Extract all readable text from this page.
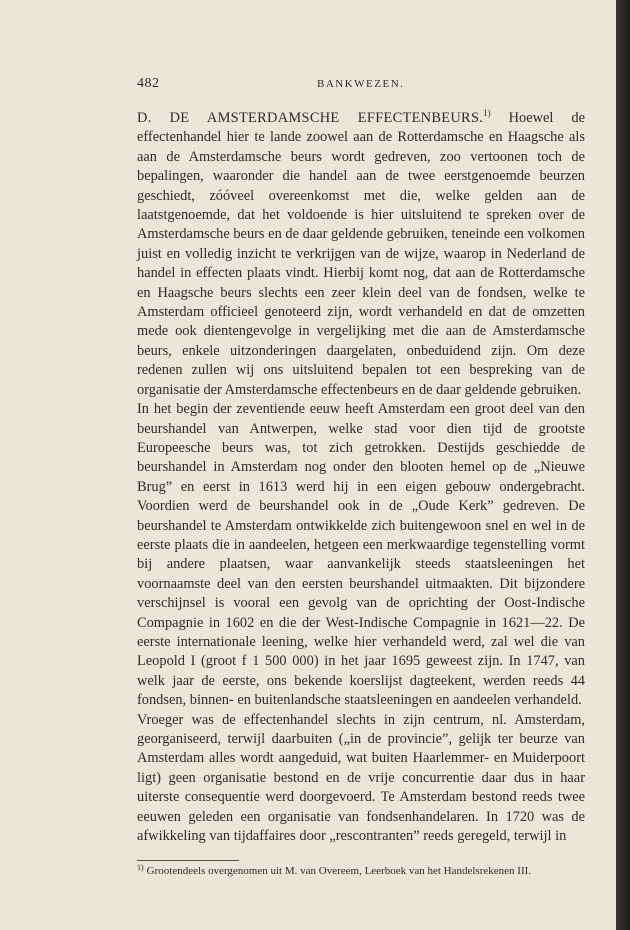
482	BANKWEZEN.

D. DE AMSTERDAMSCHE EFFECTENBEURS.$^{1)}$ Hoewel de effectenhandel hier te lande zoowel aan de Rotterdamsche en Haagsche als aan de Amsterdamsche beurs wordt gedreven, zoo vertoonen toch de bepalingen, waaronder die handel aan de twee eerstgenoemde beurzen geschiedt, zóóveel overeenkomst met die, welke gelden aan de laatstgenoemde, dat het voldoende is hier uitsluitend te spreken over de Amsterdamsche beurs en de daar geldende gebruiken, teneinde een volkomen juist en volledig inzicht te verkrijgen van de wijze, waarop in Nederland de handel in effecten plaats vindt. Hierbij komt nog, dat aan de Rotterdamsche en Haagsche beurs slechts een zeer klein deel van de fondsen, welke te Amsterdam officieel genoteerd zijn, wordt verhandeld en dat de omzetten mede ook dientengevolge in vergelijking met die aan de Amsterdamsche beurs, enkele uitzonderingen daargelaten, onbeduidend zijn. Om deze redenen zullen wij ons uitsluitend bepalen tot een bespreking van de organisatie der Amsterdamsche effectenbeurs en de daar geldende gebruiken.

In het begin der zeventiende eeuw heeft Amsterdam een groot deel van den beurshandel van Antwerpen, welke stad voor dien tijd de grootste Europeesche beurs was, tot zich getrokken. Destijds geschiedde de beurshandel in Amsterdam nog onder den blooten hemel op de „Nieuwe Brug” en eerst in 1613 werd hij in een eigen gebouw ondergebracht. Voordien werd de beurshandel ook in de „Oude Kerk” gedreven. De beurshandel te Amsterdam ontwikkelde zich buitengewoon snel en wel in de eerste plaats die in aandeelen, hetgeen een merkwaardige tegenstelling vormt bij andere plaatsen, waar aanvankelijk steeds staatsleeningen het voornaamste deel van den eersten beurshandel uitmaakten. Dit bijzondere verschijnsel is vooral een gevolg van de oprichting der Oost-Indische Compagnie in 1602 en die der West-Indische Compagnie in 1621—22. De eerste internationale leening, welke hier verhandeld werd, zal wel die van Leopold I (groot f 1 500 000) in het jaar 1695 geweest zijn. In 1747, van welk jaar de eerste, ons bekende koerslijst dagteekent, werden reeds 44 fondsen, binnen- en buitenlandsche staatsleeningen en aandeelen verhandeld.

Vroeger was de effectenhandel slechts in zijn centrum, nl. Amsterdam, georganiseerd, terwijl daarbuiten („in de provincie”, gelijk ter beurze van Amsterdam alles wordt aangeduid, wat buiten Haarlemmer- en Muiderpoort ligt) geen organisatie bestond en de vrije concurrentie daar dus in haar uiterste consequentie werd doorgevoerd. Te Amsterdam bestond reeds twee eeuwen geleden een organisatie van fondsenhandelaren. In 1720 was de afwikkeling van tijdaffaires door „rescontranten” reeds geregeld, terwijl in

$^{1)}$ Grootendeels overgenomen uit M. van Overeem, Leerboek van het Handelsrekenen III.
